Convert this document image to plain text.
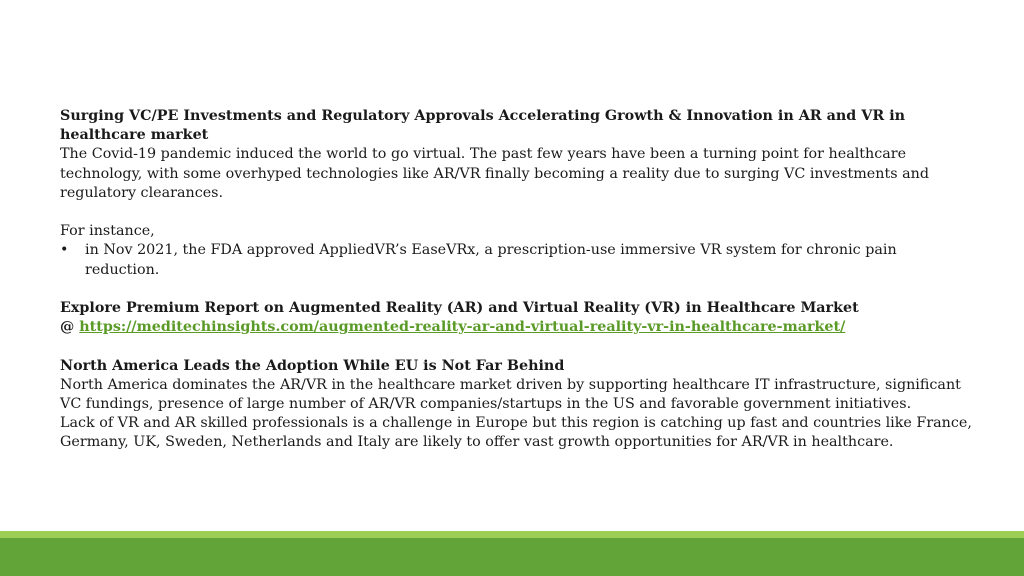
Surging VC/PE Investments and Regulatory Approvals Accelerating Growth & Innovation in AR and VR in healthcare market

The Covid-19 pandemic induced the world to go virtual. The past few years have been a turning point for healthcare technology, with some overhyped technologies like AR/VR finally becoming a reality due to surging VC investments and regulatory clearances.

For instance,

•	in Nov 2021, the FDA approved AppliedVR’s EaseVRx, a prescription-use immersive VR system for chronic pain reduction.

Explore Premium Report on Augmented Reality (AR) and Virtual Reality (VR) in Healthcare Market

@ https://meditechinsights.com/augmented-reality-ar-and-virtual-reality-vr-in-healthcare-market/

North America Leads the Adoption While EU is Not Far Behind

North America dominates the AR/VR in the healthcare market driven by supporting healthcare IT infrastructure, significant VC fundings, presence of large number of AR/VR companies/startups in the US and favorable government initiatives.

Lack of VR and AR skilled professionals is a challenge in Europe but this region is catching up fast and countries like France, Germany, UK, Sweden, Netherlands and Italy are likely to offer vast growth opportunities for AR/VR in healthcare.
